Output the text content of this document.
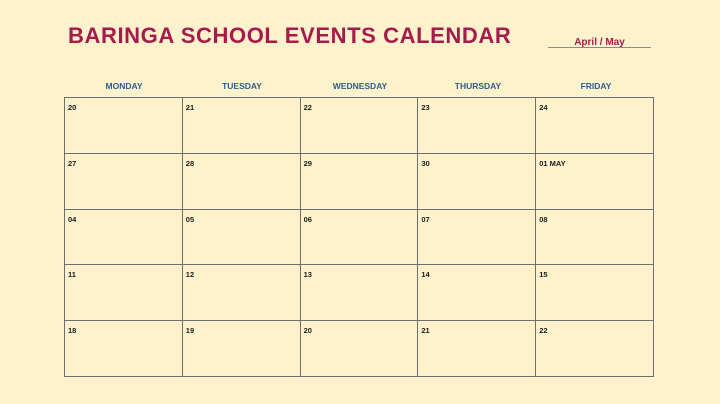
BARINGA SCHOOL EVENTS CALENDAR	April / May
MONDAY	TUESDAY	WEDNESDAY	THURSDAY	FRIDAY
20	21	22	23	24
27	28	29	30	01 MAY
04	05	06	07	08
11	12	13	14	15
18	19	20	21	22
